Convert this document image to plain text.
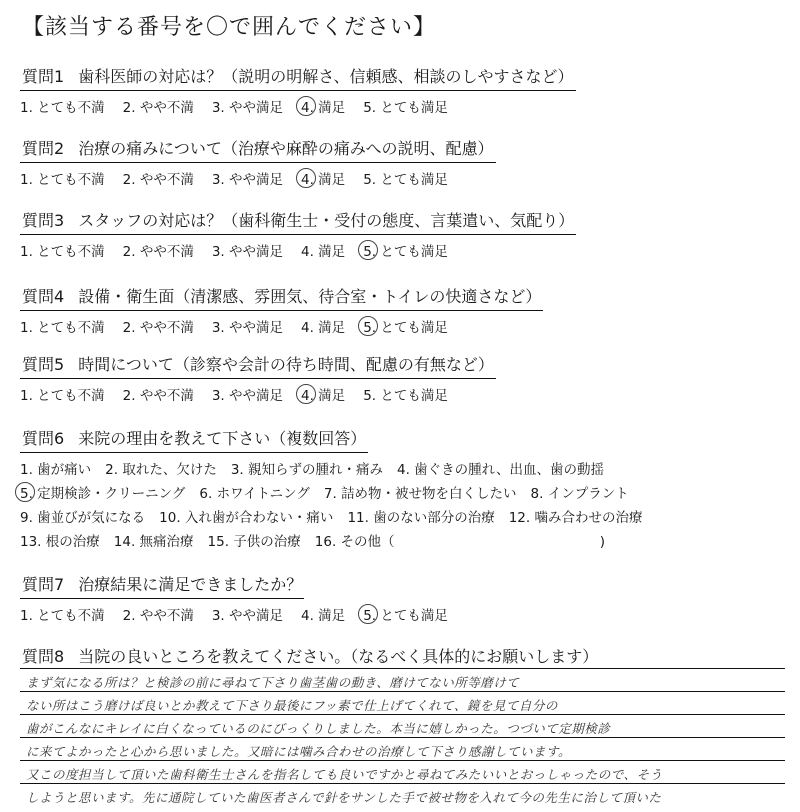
【該当する番号を〇で囲んでください】
質問1 歯科医師の対応は？（説明の明解さ、信頼感、相談のしやすさなど）
1. とても不満 2. やや不満 3. やや満足 4. 満足 5. とても満足
質問2 治療の痛みについて（治療や麻酔の痛みへの説明、配慮）
1. とても不満 2. やや不満 3. やや満足 4. 満足 5. とても満足
質問3 スタッフの対応は？（歯科衛生士・受付の態度、言葉遣い、気配り）
1. とても不満 2. やや不満 3. やや満足 4. 満足 5. とても満足
質問4 設備・衛生面（清潔感、雰囲気、待合室・トイレの快適さなど）
1. とても不満 2. やや不満 3. やや満足 4. 満足 5. とても満足
質問5 時間について（診察や会計の待ち時間、配慮の有無など）
1. とても不満 2. やや不満 3. やや満足 4. 満足 5. とても満足
質問6 来院の理由を教えて下さい（複数回答）
1. 歯が痛い 2. 取れた、欠けた 3. 親知らずの腫れ・痛み 4. 歯ぐきの腫れ、出血、歯の動揺
5. 定期検診・クリーニング 6. ホワイトニング 7. 詰め物・被せ物を白くしたい 8. インプラント
9. 歯並びが気になる 10. 入れ歯が合わない・痛い 11. 歯のない部分の治療 12. 噛み合わせの治療
13. 根の治療 14. 無痛治療 15. 子供の治療 16. その他（	)
質問7 治療結果に満足できましたか？
1. とても不満 2. やや不満 3. やや満足 4. 満足 5. とても満足
質問8 当院の良いところを教えてください。（なるべく具体的にお願いします）
まず気になる所は？と検診の前に尋ねて下さり歯茎歯の動き、磨けてない所等磨けて
ない所はこう磨けば良いとか教えて下さり最後にフッ素で仕上げてくれて、鏡を見て自分の
歯がこんなにキレイに白くなっているのにびっくりしました。本当に嬉しかった。つづいて定期検診
に来てよかったと心から思いました。又暗には噛み合わせの治療して下さり感謝しています。
又この度担当して頂いた歯科衛生士さんを指名しても良いですかと尋ねてみたいいとおっしゃったので、そう
しようと思います。先に通院していた歯医者さんで針をサンした手で被せ物を入れて今の先生に治して頂いた
